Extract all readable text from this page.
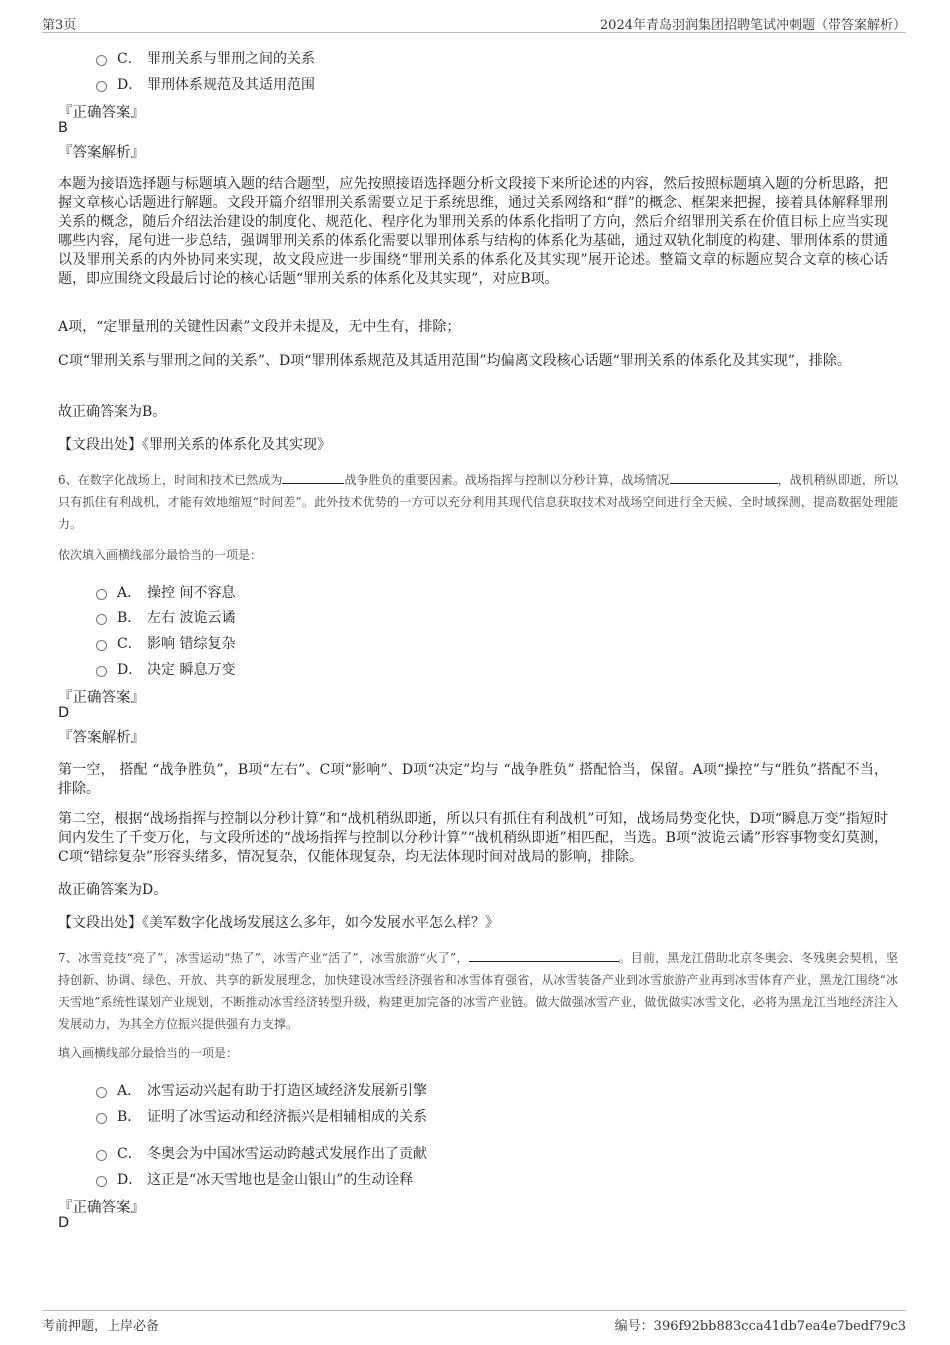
第3页	2024年青岛羽润集团招聘笔试冲刺题（带答案解析）
C． 罪刑关系与罪刑之间的关系
D． 罪刑体系规范及其适用范围
『正确答案』
B
『答案解析』
本题为接语选择题与标题填入题的结合题型，应先按照接语选择题分析文段接下来所论述的内容，然后按照标题填入题的分析思路，把握文章核心话题进行解题。文段开篇介绍罪刑关系需要立足于系统思维，通过关系网络和“群”的概念、框架来把握，接着具体解释罪刑关系的概念，随后介绍法治建设的制度化、规范化、程序化为罪刑关系的体系化指明了方向，然后介绍罪刑关系在价值目标上应当实现哪些内容，尾句进一步总结，强调罪刑关系的体系化需要以罪刑体系与结构的体系化为基础，通过双轨化制度的构建、罪刑体系的贯通以及罪刑关系的内外协同来实现，故文段应进一步围绕“罪刑关系的体系化及其实现”展开论述。整篇文章的标题应契合文章的核心话题，即应围绕文段最后讨论的核心话题“罪刑关系的体系化及其实现”，对应B项。
A项，“定罪量刑的关键性因素”文段并未提及，无中生有，排除；
C项“罪刑关系与罪刑之间的关系”、D项“罪刑体系规范及其适用范围”均偏离文段核心话题“罪刑关系的体系化及其实现”，排除。
故正确答案为B。
【文段出处】《罪刑关系的体系化及其实现》
6、在数字化战场上，时间和技术已然成为	战争胜负的重要因素。战场指挥与控制以分秒计算，战场情况	，战机稍纵即逝，所以只有抓住有利战机，才能有效地缩短“时间差”。此外技术优势的一方可以充分利用其现代信息获取技术对战场空间进行全天候、全时域探测，提高数据处理能力。
依次填入画横线部分最恰当的一项是：
A． 操控 间不容息
B． 左右 波诡云谲
C． 影响 错综复杂
D． 决定 瞬息万变
『正确答案』
D
『答案解析』
第一空， 搭配 “战争胜负”，B项“左右”、C项“影响”、D项“决定”均与 “战争胜负” 搭配恰当，保留。A项“操控”与“胜负”搭配不当，排除。
第二空，根据“战场指挥与控制以分秒计算”和“战机稍纵即逝，所以只有抓住有利战机”可知，战场局势变化快，D项“瞬息万变”指短时间内发生了千变万化，与文段所述的“战场指挥与控制以分秒计算”“战机稍纵即逝”相匹配，当选。B项“波诡云谲”形容事物变幻莫测，C项“错综复杂”形容头绪多，情况复杂，仅能体现复杂，均无法体现时间对战局的影响，排除。
故正确答案为D。
【文段出处】《美军数字化战场发展这么多年，如今发展水平怎么样？》
7、冰雪竞技“亮了”，冰雪运动“热了”，冰雪产业“活了”，冰雪旅游“火了”，	。目前，黑龙江借助北京冬奥会、冬残奥会契机，坚持创新、协调、绿色、开放、共享的新发展理念，加快建设冰雪经济强省和冰雪体育强省，从冰雪装备产业到冰雪旅游产业再到冰雪体育产业，黑龙江围绕“冰天雪地”系统性谋划产业规划，不断推动冰雪经济转型升级，构建更加完备的冰雪产业链。做大做强冰雪产业，做优做实冰雪文化，必将为黑龙江当地经济注入发展动力，为其全方位振兴提供强有力支撑。
填入画横线部分最恰当的一项是：
A． 冰雪运动兴起有助于打造区域经济发展新引擎
B． 证明了冰雪运动和经济振兴是相辅相成的关系
C． 冬奥会为中国冰雪运动跨越式发展作出了贡献
D． 这正是“冰天雪地也是金山银山”的生动诠释
『正确答案』
D
考前押题，上岸必备	编号：396f92bb883cca41db7ea4e7bedf79c3
